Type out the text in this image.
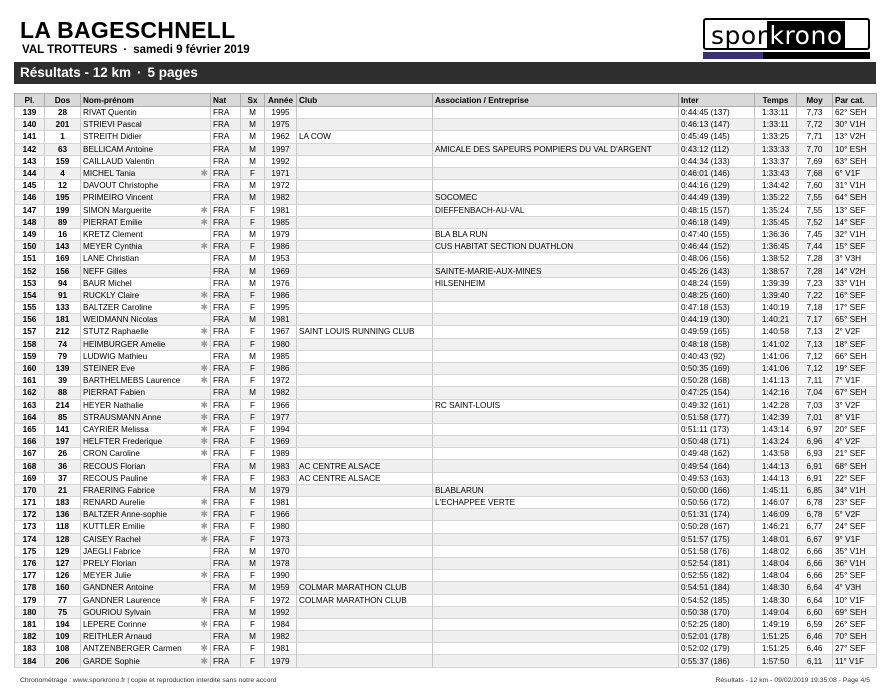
LA BAGESCHNELL
VAL TROTTEURS · samedi 9 février 2019	sporkrono
Résultats - 12 km · 5 pages
Pl.	Dos	Nom-prénom	Nat	Sx	Année	Club	Association / Entreprise	Inter	Temps	Moy	Par cat.
139	28	RIVAT Quentin	FRA	M	1995			0:44:45 (137)	1:33:11	7,73	62° SEH
140	201	STRIEVI Pascal	FRA	M	1975			0:46:13 (147)	1:33:11	7,72	30° V1H
141	1	STREITH Didier	FRA	M	1962	LA COW		0:45:49 (145)	1:33:25	7,71	13° V2H
142	63	BELLICAM Antoine	FRA	M	1997		AMICALE DES SAPEURS POMPIERS DU VAL D'ARGENT	0:43:12 (112)	1:33:33	7,70	10° ESH
143	159	CAILLAUD Valentin	FRA	M	1992			0:44:34 (133)	1:33:37	7,69	63° SEH
144	4	MICHEL Tania ✱	FRA	F	1971			0:46:01 (146)	1:33:43	7,68	6° V1F
145	12	DAVOUT Christophe	FRA	M	1972			0:44:16 (129)	1:34:42	7,60	31° V1H
146	195	PRIMEIRO Vincent	FRA	M	1982		SOCOMEC	0:44:49 (139)	1:35:22	7,55	64° SEH
147	199	SIMON Marguerite ✱	FRA	F	1981		DIEFFENBACH-AU-VAL	0:48:15 (157)	1:35:24	7,55	13° SEF
148	89	PIERRAT Emilie ✱	FRA	F	1985			0:46:18 (149)	1:35:45	7,52	14° SEF
149	16	KRETZ Clement	FRA	M	1979		BLA BLA RUN	0:47:40 (155)	1:36:36	7,45	32° V1H
150	143	MEYER Cynthia ✱	FRA	F	1986		CUS HABITAT SECTION DUATHLON	0:46:44 (152)	1:36:45	7,44	15° SEF
151	169	LANE Christian	FRA	M	1953			0:48:06 (156)	1:38:52	7,28	3° V3H
152	156	NEFF Gilles	FRA	M	1969		SAINTE-MARIE-AUX-MINES	0:45:26 (143)	1:38:57	7,28	14° V2H
153	94	BAUR Michel	FRA	M	1976		HILSENHEIM	0:48:24 (159)	1:39:39	7,23	33° V1H
154	91	RUCKLY Claire ✱	FRA	F	1986			0:48:25 (160)	1:39:40	7,22	16° SEF
155	133	BALTZER Caroline ✱	FRA	F	1995			0:47:18 (153)	1:40:19	7,18	17° SEF
156	181	WEIDMANN Nicolas	FRA	M	1981			0:44:19 (130)	1:40:21	7,17	65° SEH
157	212	STUTZ Raphaelle ✱	FRA	F	1967	SAINT LOUIS RUNNING CLUB		0:49:59 (165)	1:40:58	7,13	2° V2F
158	74	HEIMBURGER Amelie ✱	FRA	F	1980			0:48:18 (158)	1:41:02	7,13	18° SEF
159	79	LUDWIG Mathieu	FRA	M	1985			0:40:43 (92)	1:41:06	7,12	66° SEH
160	139	STEINER Eve ✱	FRA	F	1986			0:50:35 (169)	1:41:06	7,12	19° SEF
161	39	BARTHELMEBS Laurence ✱	FRA	F	1972			0:50:28 (168)	1:41:13	7,11	7° V1F
162	88	PIERRAT Fabien	FRA	M	1982			0:47:25 (154)	1:42:16	7,04	67° SEH
163	214	HEYER Nathalie ✱	FRA	F	1966		RC SAINT-LOUIS	0:49:32 (161)	1:42:28	7,03	3° V2F
164	85	STRAUSMANN Anne ✱	FRA	F	1977			0:51:58 (177)	1:42:39	7,01	8° V1F
165	141	CAYRIER Melissa ✱	FRA	F	1994			0:51:11 (173)	1:43:14	6,97	20° SEF
166	197	HELFTER Frederique ✱	FRA	F	1969			0:50:48 (171)	1:43:24	6,96	4° V2F
167	26	CRON Caroline ✱	FRA	F	1989			0:49:48 (162)	1:43:58	6,93	21° SEF
168	36	RECOUS Florian	FRA	M	1983	AC CENTRE ALSACE		0:49:54 (164)	1:44:13	6,91	68° SEH
169	37	RECOUS Pauline ✱	FRA	F	1983	AC CENTRE ALSACE		0:49:53 (163)	1:44:13	6,91	22° SEF
170	21	FRAERING Fabrice	FRA	M	1979		BLABLARUN	0:50:00 (166)	1:45:11	6,85	34° V1H
171	183	RENARD Aurelie ✱	FRA	F	1981		L'ECHAPPEE VERTE	0:50:56 (172)	1:46:07	6,78	23° SEF
172	136	BALTZER Anne-sophie ✱	FRA	F	1966			0:51:31 (174)	1:46:09	6,78	5° V2F
173	118	KUTTLER Emilie ✱	FRA	F	1980			0:50:28 (167)	1:46:21	6,77	24° SEF
174	128	CAISEY Rachel ✱	FRA	F	1973			0:51:57 (175)	1:48:01	6,67	9° V1F
175	129	JAEGLI Fabrice	FRA	M	1970			0:51:58 (176)	1:48:02	6,66	35° V1H
176	127	PRELY Florian	FRA	M	1978			0:52:54 (181)	1:48:04	6,66	36° V1H
177	126	MEYER Julie ✱	FRA	F	1990			0:52:55 (182)	1:48:04	6,66	25° SEF
178	160	GANDNER Antoine	FRA	M	1959	COLMAR MARATHON CLUB		0:54:51 (184)	1:48:30	6,64	4° V3H
179	77	GANDNER Laurence ✱	FRA	F	1972	COLMAR MARATHON CLUB		0:54:52 (185)	1:48:30	6,64	10° V1F
180	75	GOURIOU Sylvain	FRA	M	1992			0:50:38 (170)	1:49:04	6,60	69° SEH
181	194	LEPERE Corinne ✱	FRA	F	1984			0:52:25 (180)	1:49:19	6,59	26° SEF
182	109	REITHLER Arnaud	FRA	M	1982			0:52:01 (178)	1:51:25	6,46	70° SEH
183	108	ANTZENBERGER Carmen ✱	FRA	F	1981			0:52:02 (179)	1:51:25	6,46	27° SEF
184	206	GARDE Sophie ✱	FRA	F	1979			0:55:37 (186)	1:57:50	6,11	11° V1F
Chronométrage : www.sporkrono.fr | copie et reproduction interdite sans notre accord	Résultats - 12 km - 09/02/2019 19:35:08 - Page 4/5
